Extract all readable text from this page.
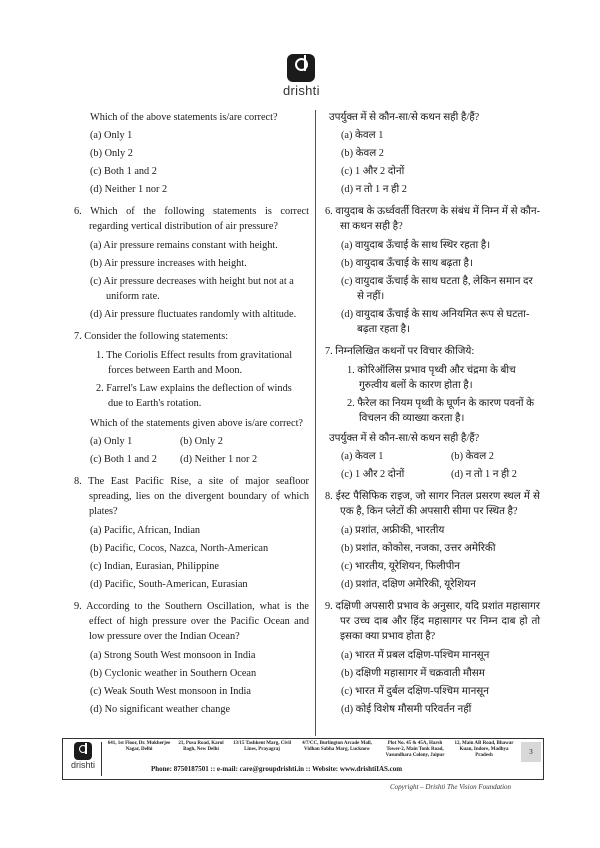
drishti

Which of the above statements is/are correct?

(a) Only 1

(b) Only 2

(c) Both 1 and 2

(d) Neither 1 nor 2

6. Which of the following statements is correct regarding vertical distribution of air pressure?

(a) Air pressure remains constant with height.

(b) Air pressure increases with height.

(c) Air pressure decreases with height but not at a uniform rate.

(d) Air pressure fluctuates randomly with altitude.

7. Consider the following statements:

1. The Coriolis Effect results from gravitational forces between Earth and Moon.

2. Farrel's Law explains the deflection of winds due to Earth's rotation.

Which of the statements given above is/are correct?

(a) Only 1	(b) Only 2
(c) Both 1 and 2	(d) Neither 1 nor 2

8. The East Pacific Rise, a site of major seafloor spreading, lies on the divergent boundary of which plates?

(a) Pacific, African, Indian

(b) Pacific, Cocos, Nazca, North-American

(c) Indian, Eurasian, Philippine

(d) Pacific, South-American, Eurasian

9. According to the Southern Oscillation, what is the effect of high pressure over the Pacific Ocean and low pressure over the Indian Ocean?

(a) Strong South West monsoon in India

(b) Cyclonic weather in Southern Ocean

(c) Weak South West monsoon in India

(d) No significant weather change

उपर्युक्त में से कौन-सा/से कथन सही है/हैं?

(a) केवल 1

(b) केवल 2

(c) 1 और 2 दोनों

(d) न तो 1 न ही 2

6. वायुदाब के ऊर्ध्ववर्ती वितरण के संबंध में निम्न में से कौन-सा कथन सही है?

(a) वायुदाब ऊँचाई के साथ स्थिर रहता है।

(b) वायुदाब ऊँचाई के साथ बढ़ता है।

(c) वायुदाब ऊँचाई के साथ घटता है, लेकिन समान दर से नहीं।

(d) वायुदाब ऊँचाई के साथ अनियमित रूप से घटता-बढ़ता रहता है।

7. निम्नलिखित कथनों पर विचार कीजिये:

1. कोरिऑलिस प्रभाव पृथ्वी और चंद्रमा के बीच गुरुत्वीय बलों के कारण होता है।

2. फैरेल का नियम पृथ्वी के घूर्णन के कारण पवनों के विचलन की व्याख्या करता है।

उपर्युक्त में से कौन-सा/से कथन सही है/हैं?

(a) केवल 1	(b) केवल 2
(c) 1 और 2 दोनों	(d) न तो 1 न ही 2

8. ईस्ट पैसिफिक राइज, जो सागर नितल प्रसरण स्थल में से एक है, किन प्लेटों की अपसारी सीमा पर स्थित है?

(a) प्रशांत, अफ्रीकी, भारतीय

(b) प्रशांत, कोकोस, नजका, उत्तर अमेरिकी

(c) भारतीय, यूरेशियन, फिलीपीन

(d) प्रशांत, दक्षिण अमेरिकी, यूरेशियन

9. दक्षिणी अपसारी प्रभाव के अनुसार, यदि प्रशांत महासागर पर उच्च दाब और हिंद महासागर पर निम्न दाब हो तो इसका क्या प्रभाव होता है?

(a) भारत में प्रबल दक्षिण-पश्चिम मानसून

(b) दक्षिणी महासागर में चक्रवाती मौसम

(c) भारत में दुर्बल दक्षिण-पश्चिम मानसून

(d) कोई विशेष मौसमी परिवर्तन नहीं

drishti
641, 1st Floor, Dr. Mukherjee Nagar, Delhi
21, Pusa Road, Karol Bagh, New Delhi
13/15 Tashkent Marg, Civil Lines, Prayagraj
4/7/CC, Burlington Arcade Mall, Vidhan Sabha Marg, Lucknow
Plot No. 45 & 45A, Harsh Tower-2, Main Tonk Road, Vasundhara Colony, Jaipur
12, Main AB Road, Bhawar Kuan, Indore, Madhya Pradesh	3
Phone: 8750187501 :: e-mail: care@groupdrishti.in :: Website: www.drishtiIAS.com
Copyright – Drishti The Vision Foundation
